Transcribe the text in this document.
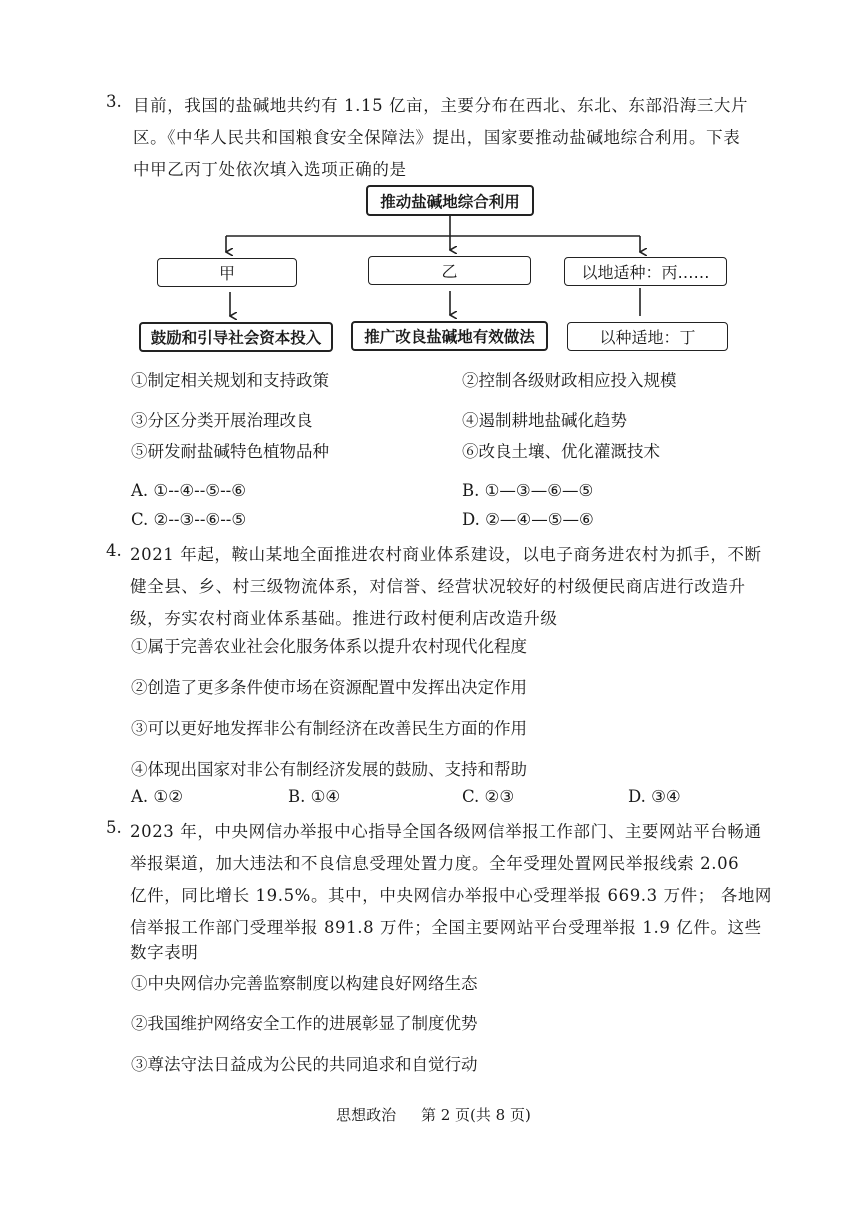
3. 目前，我国的盐碱地共约有 1.15 亿亩，主要分布在西北、东北、东部沿海三大片
区。《中华人民共和国粮食安全保障法》提出，国家要推动盐碱地综合利用。下表
中甲乙丙丁处依次填入选项正确的是
推动盐碱地综合利用
甲	乙	以地适种：丙……
鼓励和引导社会资本投入	推广改良盐碱地有效做法	以种适地：丁
①制定相关规划和支持政策	②控制各级财政相应投入规模
③分区分类开展治理改良	④遏制耕地盐碱化趋势
⑤研发耐盐碱特色植物品种	⑥改良土壤、优化灌溉技术
A. ①--④--⑤--⑥	B. ①—③—⑥—⑤
C. ②--③--⑥--⑤	D. ②—④—⑤—⑥
4. 2021 年起，鞍山某地全面推进农村商业体系建设，以电子商务进农村为抓手，不断
健全县、乡、村三级物流体系，对信誉、经营状况较好的村级便民商店进行改造升
级，夯实农村商业体系基础。推进行政村便利店改造升级
①属于完善农业社会化服务体系以提升农村现代化程度
②创造了更多条件使市场在资源配置中发挥出决定作用
③可以更好地发挥非公有制经济在改善民生方面的作用
④体现出国家对非公有制经济发展的鼓励、支持和帮助
A. ①②	B. ①④	C. ②③	D. ③④
5. 2023 年，中央网信办举报中心指导全国各级网信举报工作部门、主要网站平台畅通
举报渠道，加大违法和不良信息受理处置力度。全年受理处置网民举报线索 2.06
亿件，同比增长 19.5%。其中，中央网信办举报中心受理举报 669.3 万件； 各地网
信举报工作部门受理举报 891.8 万件；全国主要网站平台受理举报 1.9 亿件。这些
数字表明
①中央网信办完善监察制度以构建良好网络生态
②我国维护网络安全工作的进展彰显了制度优势
③尊法守法日益成为公民的共同追求和自觉行动
思想政治 第 2 页(共 8 页)
